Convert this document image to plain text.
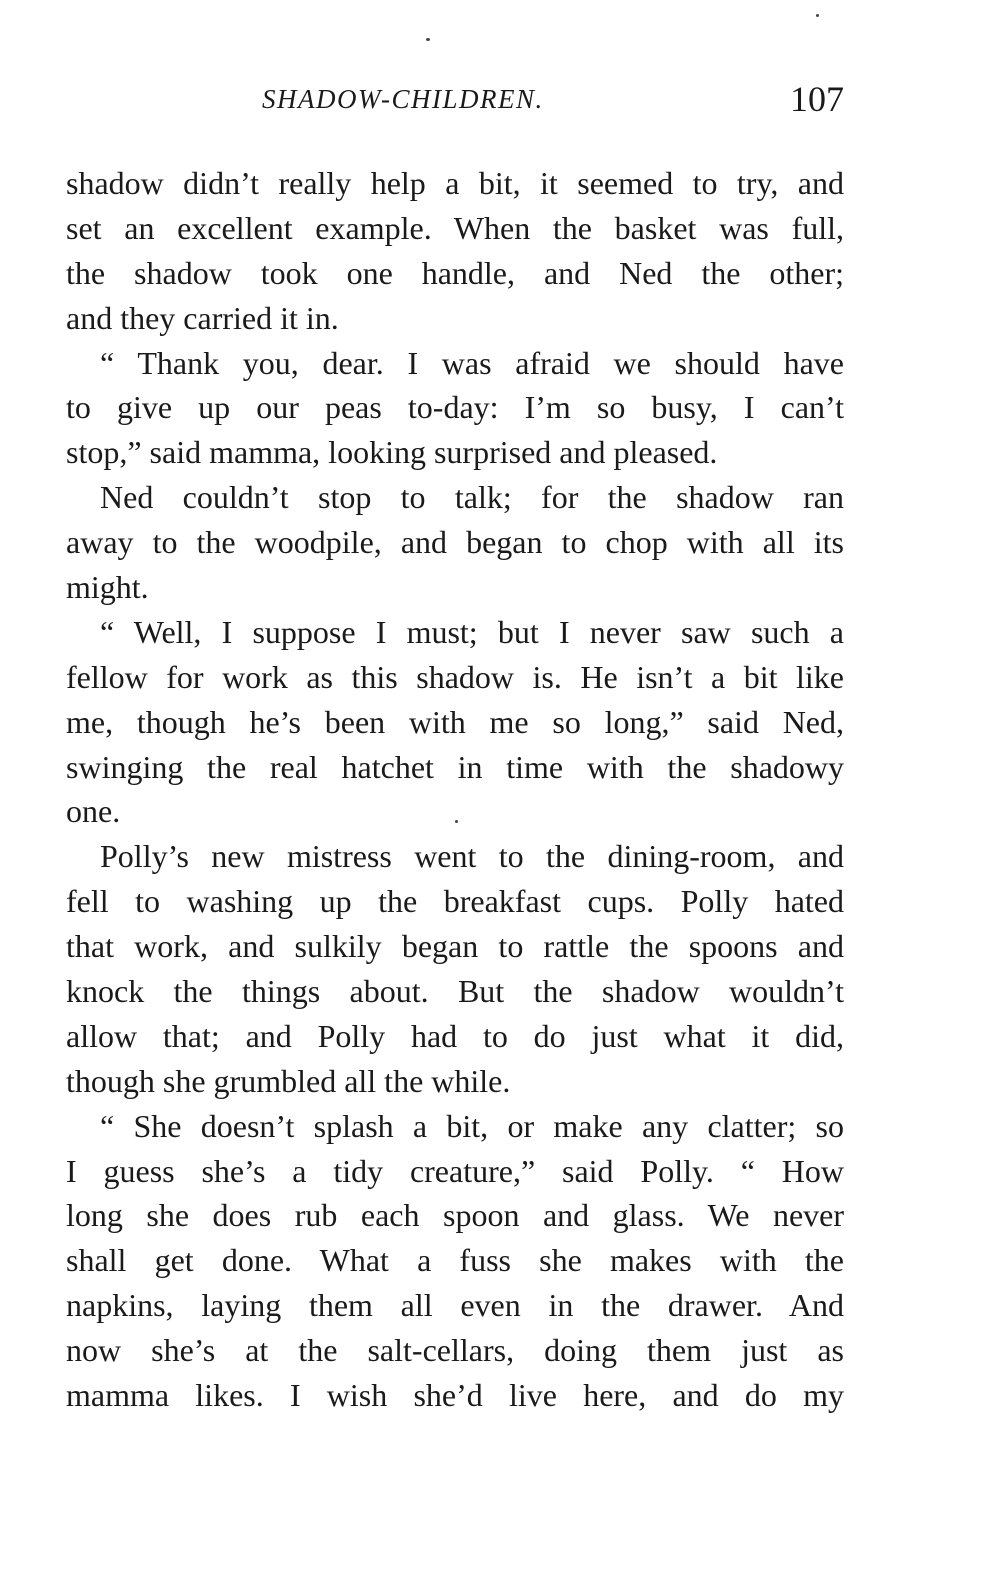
SHADOW-CHILDREN.	107
shadow didn’t really help a bit, it seemed to try, and
set an excellent example. When the basket was full,
the shadow took one handle, and Ned the other;
and they carried it in.
“ Thank you, dear. I was afraid we should have
to give up our peas to-day: I’m so busy, I can’t
stop,” said mamma, looking surprised and pleased.
Ned couldn’t stop to talk; for the shadow ran
away to the woodpile, and began to chop with all its
might.
“ Well, I suppose I must; but I never saw such a
fellow for work as this shadow is. He isn’t a bit like
me, though he’s been with me so long,” said Ned,
swinging the real hatchet in time with the shadowy
one.
Polly’s new mistress went to the dining-room, and
fell to washing up the breakfast cups. Polly hated
that work, and sulkily began to rattle the spoons and
knock the things about. But the shadow wouldn’t
allow that; and Polly had to do just what it did,
though she grumbled all the while.
“ She doesn’t splash a bit, or make any clatter; so
I guess she’s a tidy creature,” said Polly. “ How
long she does rub each spoon and glass. We never
shall get done. What a fuss she makes with the
napkins, laying them all even in the drawer. And
now she’s at the salt-cellars, doing them just as
mamma likes. I wish she’d live here, and do my
